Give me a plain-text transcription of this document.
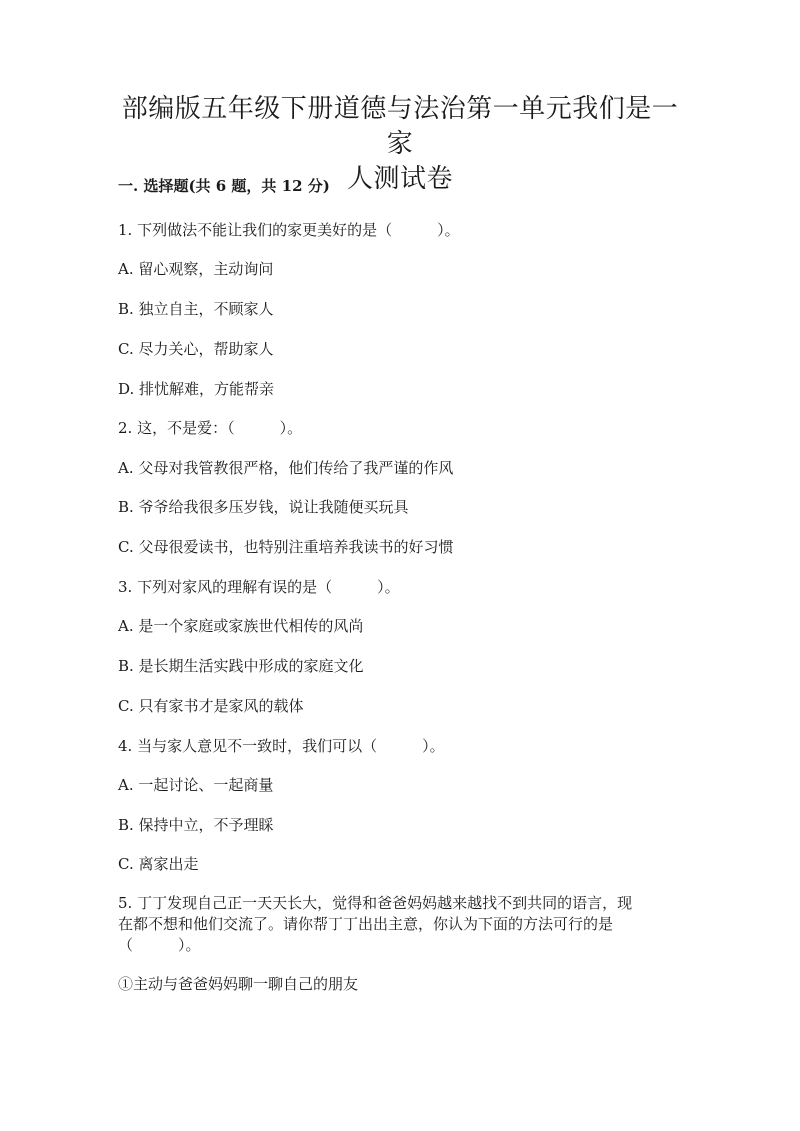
部编版五年级下册道德与法治第一单元我们是一家
人测试卷
一. 选择题(共 6 题，共 12 分)
1. 下列做法不能让我们的家更美好的是（　　　）。
A. 留心观察，主动询问
B. 独立自主，不顾家人
C. 尽力关心，帮助家人
D. 排忧解难，方能帮亲
2. 这，不是爱：（　　　）。
A. 父母对我管教很严格，他们传给了我严谨的作风
B. 爷爷给我很多压岁钱，说让我随便买玩具
C. 父母很爱读书，也特别注重培养我读书的好习惯
3. 下列对家风的理解有误的是（　　　）。
A. 是一个家庭或家族世代相传的风尚
B. 是长期生活实践中形成的家庭文化
C. 只有家书才是家风的载体
4. 当与家人意见不一致时，我们可以（　　　）。
A. 一起讨论、一起商量
B. 保持中立，不予理睬
C. 离家出走
5. 丁丁发现自己正一天天长大，觉得和爸爸妈妈越来越找不到共同的语言，现
在都不想和他们交流了。请你帮丁丁出出主意，你认为下面的方法可行的是
（　　　）。
①主动与爸爸妈妈聊一聊自己的朋友
